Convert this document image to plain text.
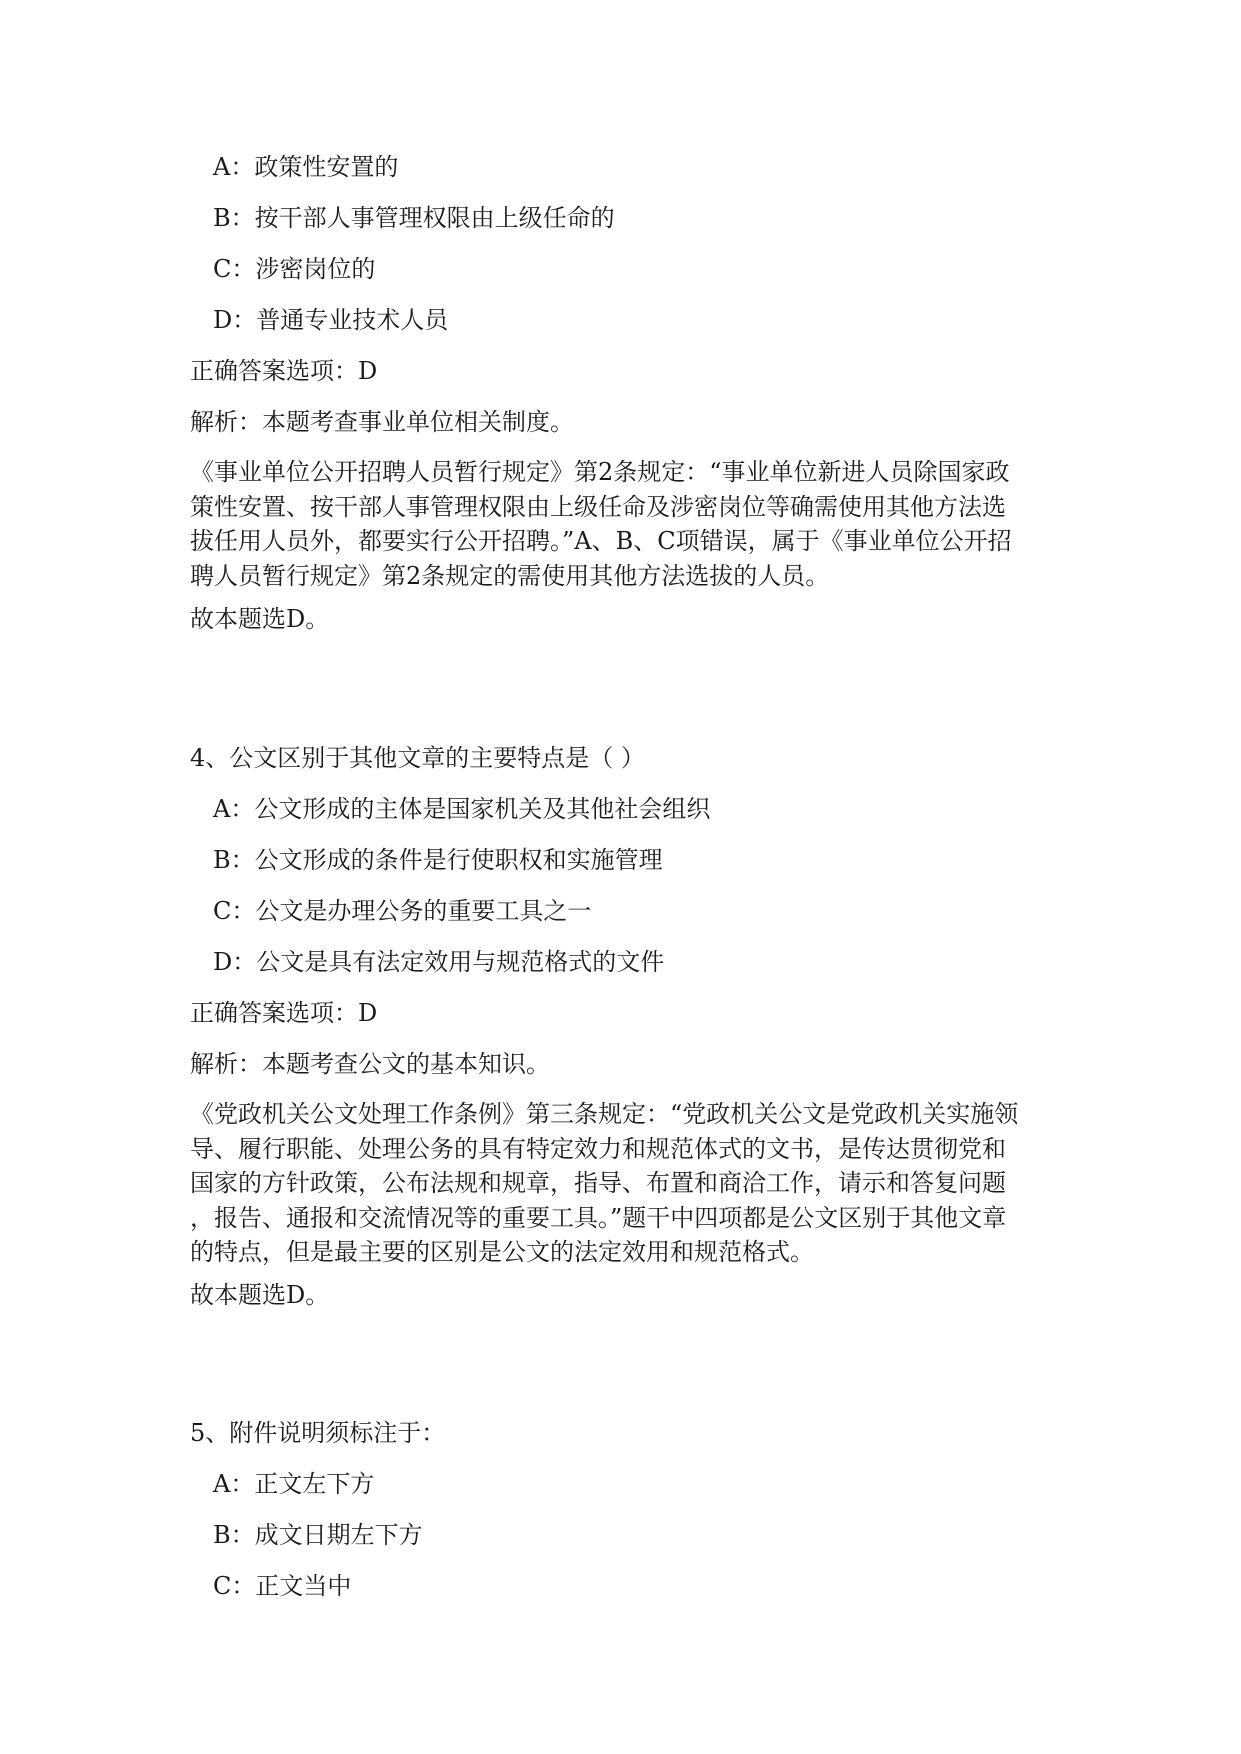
A：政策性安置的
B：按干部人事管理权限由上级任命的
C：涉密岗位的
D：普通专业技术人员
正确答案选项：D
解析：本题考查事业单位相关制度。
《事业单位公开招聘人员暂行规定》第2条规定：“事业单位新进人员除国家政
策性安置、按干部人事管理权限由上级任命及涉密岗位等确需使用其他方法选
拔任用人员外，都要实行公开招聘。”A、B、C项错误，属于《事业单位公开招
聘人员暂行规定》第2条规定的需使用其他方法选拔的人员。
故本题选D。
4、公文区别于其他文章的主要特点是（ ）
A：公文形成的主体是国家机关及其他社会组织
B：公文形成的条件是行使职权和实施管理
C：公文是办理公务的重要工具之一
D：公文是具有法定效用与规范格式的文件
正确答案选项：D
解析：本题考查公文的基本知识。
《党政机关公文处理工作条例》第三条规定：“党政机关公文是党政机关实施领
导、履行职能、处理公务的具有特定效力和规范体式的文书，是传达贯彻党和
国家的方针政策，公布法规和规章，指导、布置和商洽工作，请示和答复问题
，报告、通报和交流情况等的重要工具。”题干中四项都是公文区别于其他文章
的特点，但是最主要的区别是公文的法定效用和规范格式。
故本题选D。
5、附件说明须标注于：
A：正文左下方
B：成文日期左下方
C：正文当中
